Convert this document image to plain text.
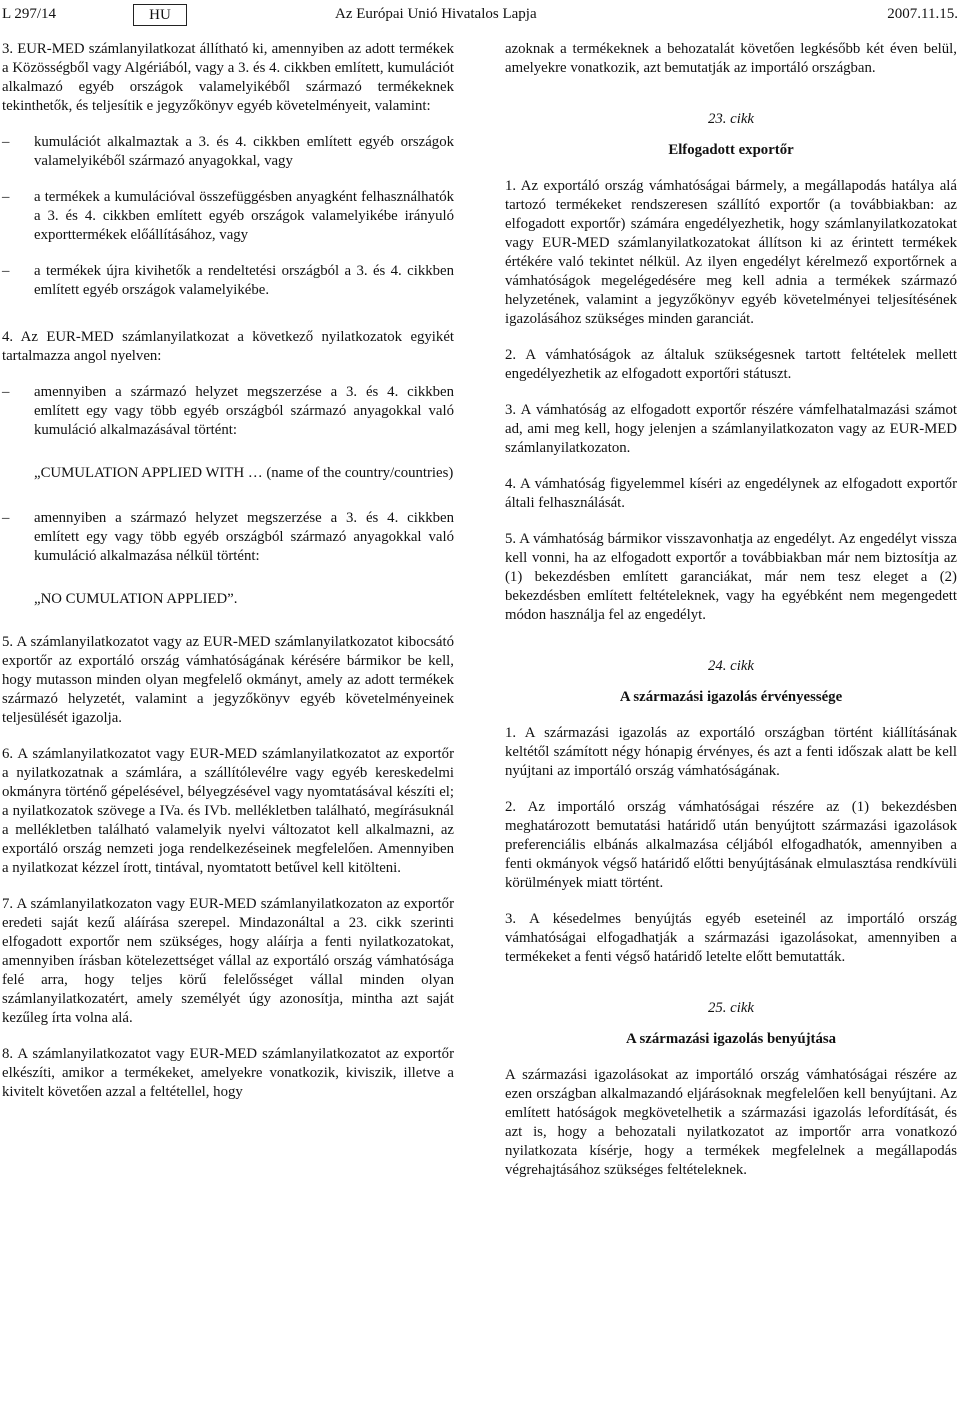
L 297/14	HU	Az Európai Unió Hivatalos Lapja	2007.11.15.

3. EUR-MED számlanyilatkozat állítható ki, amennyiben az adott termékek a Közösségből vagy Algériából, vagy a 3. és 4. cikkben említett, kumulációt alkalmazó egyéb országok valamelyikéből származó termékeknek tekinthetők, és teljesítik e jegyzőkönyv egyéb követelményeit, valamint:

– kumulációt alkalmaztak a 3. és 4. cikkben említett egyéb országok valamelyikéből származó anyagokkal, vagy

– a termékek a kumulációval összefüggésben anyagként felhasználhatók a 3. és 4. cikkben említett egyéb országok valamelyikébe irányuló exporttermékek előállításához, vagy

– a termékek újra kivihetők a rendeltetési országból a 3. és 4. cikkben említett egyéb országok valamelyikébe.

4. Az EUR-MED számlanyilatkozat a következő nyilatkozatok egyikét tartalmazza angol nyelven:

– amennyiben a származó helyzet megszerzése a 3. és 4. cikkben említett egy vagy több egyéb országból származó anyagokkal való kumuláció alkalmazásával történt:

„CUMULATION APPLIED WITH … (name of the country/countries)

– amennyiben a származó helyzet megszerzése a 3. és 4. cikkben említett egy vagy több egyéb országból származó anyagokkal való kumuláció alkalmazása nélkül történt:

„NO CUMULATION APPLIED”.

5. A számlanyilatkozatot vagy az EUR-MED számlanyilatkozatot kibocsátó exportőr az exportáló ország vámhatóságának kérésére bármikor be kell, hogy mutasson minden olyan megfelelő okmányt, amely az adott termékek származó helyzetét, valamint a jegyzőkönyv egyéb követelményeinek teljesülését igazolja.

6. A számlanyilatkozatot vagy EUR-MED számlanyilatkozatot az exportőr a nyilatkozatnak a számlára, a szállítólevélre vagy egyéb kereskedelmi okmányra történő gépelésével, bélyegzésével vagy nyomtatásával készíti el; a nyilatkozatok szövege a IVa. és IVb. mellékletben található, megírásuknál a mellékletben található valamelyik nyelvi változatot kell alkalmazni, az exportáló ország nemzeti joga rendelkezéseinek megfelelően. Amennyiben a nyilatkozat kézzel írott, tintával, nyomtatott betűvel kell kitölteni.

7. A számlanyilatkozaton vagy EUR-MED számlanyilatkozaton az exportőr eredeti saját kezű aláírása szerepel. Mindazonáltal a 23. cikk szerinti elfogadott exportőr nem szükséges, hogy aláírja a fenti nyilatkozatokat, amennyiben írásban kötelezettséget vállal az exportáló ország vámhatósága felé arra, hogy teljes körű felelősséget vállal minden olyan számlanyilatkozatért, amely személyét úgy azonosítja, mintha azt saját kezűleg írta volna alá.

8. A számlanyilatkozatot vagy EUR-MED számlanyilatkozatot az exportőr elkészíti, amikor a termékeket, amelyekre vonatkozik, kiviszik, illetve a kivitelt követően azzal a feltétellel, hogy

azoknak a termékeknek a behozatalát követően legkésőbb két éven belül, amelyekre vonatkozik, azt bemutatják az importáló országban.

23. cikk

Elfogadott exportőr

1. Az exportáló ország vámhatóságai bármely, a megállapodás hatálya alá tartozó termékeket rendszeresen szállító exportőr (a továbbiakban: az elfogadott exportőr) számára engedélyezhetik, hogy számlanyilatkozatokat vagy EUR-MED számlanyilatkozatokat állítson ki az érintett termékek értékére való tekintet nélkül. Az ilyen engedélyt kérelmező exportőrnek a vámhatóságok megelégedésére meg kell adnia a termékek származó helyzetének, valamint a jegyzőkönyv egyéb követelményei teljesítésének igazolásához szükséges minden garanciát.

2. A vámhatóságok az általuk szükségesnek tartott feltételek mellett engedélyezhetik az elfogadott exportőri státuszt.

3. A vámhatóság az elfogadott exportőr részére vámfelhatalmazási számot ad, ami meg kell, hogy jelenjen a számlanyilatkozaton vagy az EUR-MED számlanyilatkozaton.

4. A vámhatóság figyelemmel kíséri az engedélynek az elfogadott exportőr általi felhasználását.

5. A vámhatóság bármikor visszavonhatja az engedélyt. Az engedélyt vissza kell vonni, ha az elfogadott exportőr a továbbiakban már nem biztosítja az (1) bekezdésben említett garanciákat, már nem tesz eleget a (2) bekezdésben említett feltételeknek, vagy ha egyébként nem megengedett módon használja fel az engedélyt.

24. cikk

A származási igazolás érvényessége

1. A származási igazolás az exportáló országban történt kiállításának keltétől számított négy hónapig érvényes, és azt a fenti időszak alatt be kell nyújtani az importáló ország vámhatóságának.

2. Az importáló ország vámhatóságai részére az (1) bekezdésben meghatározott bemutatási határidő után benyújtott származási igazolások preferenciális elbánás alkalmazása céljából elfogadhatók, amennyiben a fenti okmányok végső határidő előtti benyújtásának elmulasztása rendkívüli körülmények miatt történt.

3. A késedelmes benyújtás egyéb eseteinél az importáló ország vámhatóságai elfogadhatják a származási igazolásokat, amennyiben a termékeket a fenti végső határidő letelte előtt bemutatták.

25. cikk

A származási igazolás benyújtása

A származási igazolásokat az importáló ország vámhatóságai részére az ezen országban alkalmazandó eljárásoknak megfelelően kell benyújtani. Az említett hatóságok megkövetelhetik a származási igazolás lefordítását, és azt is, hogy a behozatali nyilatkozatot az importőr arra vonatkozó nyilatkozata kísérje, hogy a termékek megfelelnek a megállapodás végrehajtásához szükséges feltételeknek.
